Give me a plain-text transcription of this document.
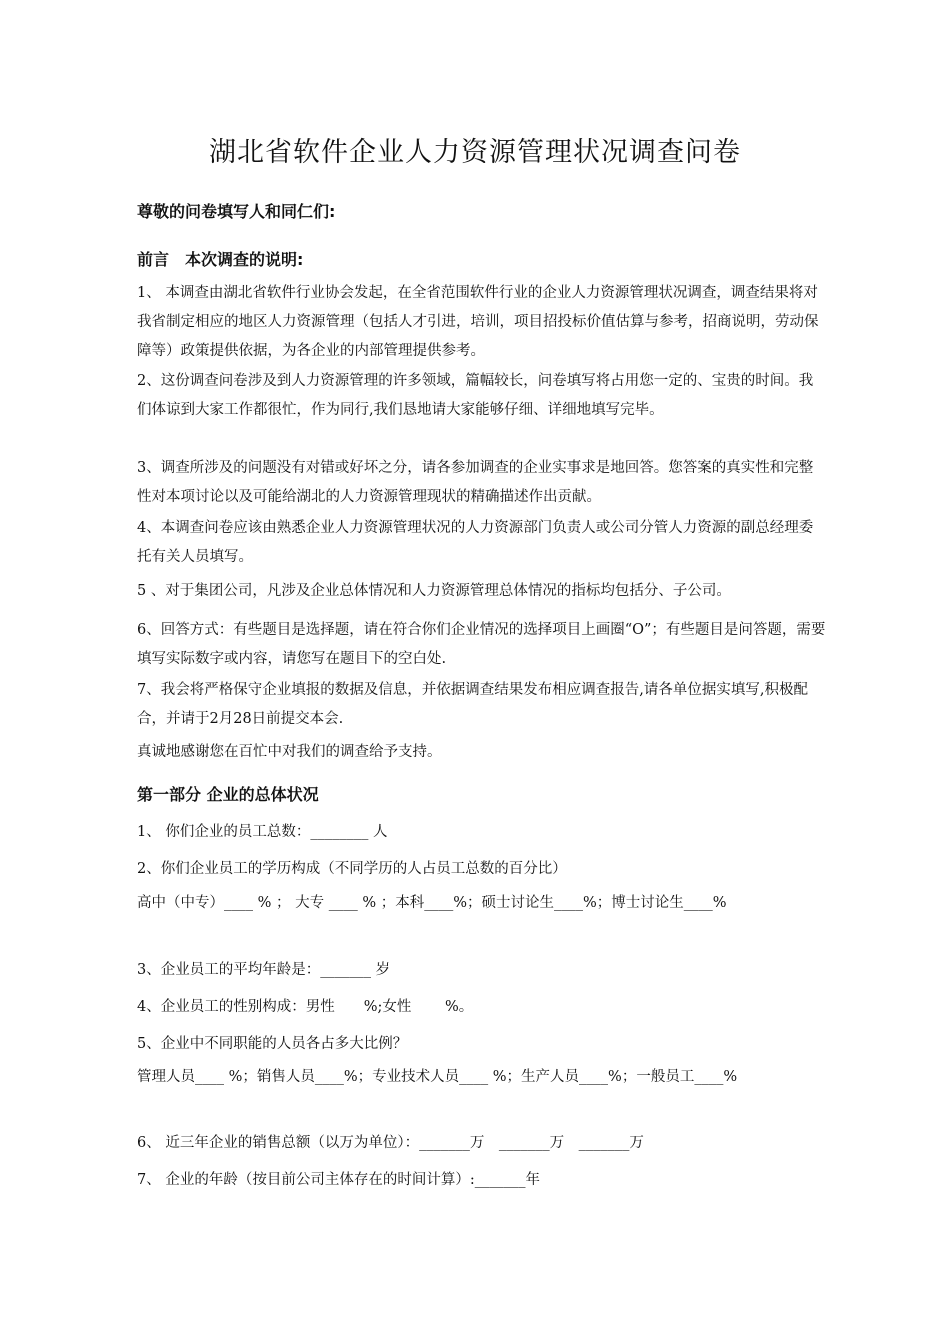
湖北省软件企业人力资源管理状况调查问卷
尊敬的问卷填写人和同仁们:
前言　本次调查的说明:
1、 本调查由湖北省软件行业协会发起，在全省范围软件行业的企业人力资源管理状况调查，调查结果将对我省制定相应的地区人力资源管理（包括人才引进，培训，项目招投标价值估算与参考，招商说明，劳动保障等）政策提供依据，为各企业的内部管理提供参考。
2、这份调查问卷涉及到人力资源管理的许多领域，篇幅较长，问卷填写将占用您一定的、宝贵的时间。我们体谅到大家工作都很忙，作为同行,我们恳地请大家能够仔细、详细地填写完毕。
3、调查所涉及的问题没有对错或好坏之分，请各参加调查的企业实事求是地回答。您答案的真实性和完整性对本项讨论以及可能给湖北的人力资源管理现状的精确描述作出贡献。
4、本调查问卷应该由熟悉企业人力资源管理状况的人力资源部门负责人或公司分管人力资源的副总经理委托有关人员填写。
5 、对于集团公司，凡涉及企业总体情况和人力资源管理总体情况的指标均包括分、子公司。
6、回答方式：有些题目是选择题，请在符合你们企业情况的选择项目上画圈“O”；有些题目是问答题，需要填写实际数字或内容，请您写在题目下的空白处.
7、我会将严格保守企业填报的数据及信息，并依据调查结果发布相应调查报告,请各单位据实填写,积极配合，并请于2月28日前提交本会.
真诚地感谢您在百忙中对我们的调查给予支持。
第一部分 企业的总体状况
1、 你们企业的员工总数：________ 人
2、你们企业员工的学历构成（不同学历的人占员工总数的百分比）
高中（中专）____ % ； 大专 ____ % ；本科____%；硕士讨论生____%；博士讨论生____%
3、企业员工的平均年龄是：_______ 岁
4、企业员工的性别构成：男性　　%;女性　　 %。
5、企业中不同职能的人员各占多大比例？
管理人员____ %；销售人员____%；专业技术人员____ %；生产人员____%；一般员工____%
6、 近三年企业的销售总额（以万为单位）：_______万　_______万　_______万
7、 企业的年龄（按目前公司主体存在的时间计算）:_______年
